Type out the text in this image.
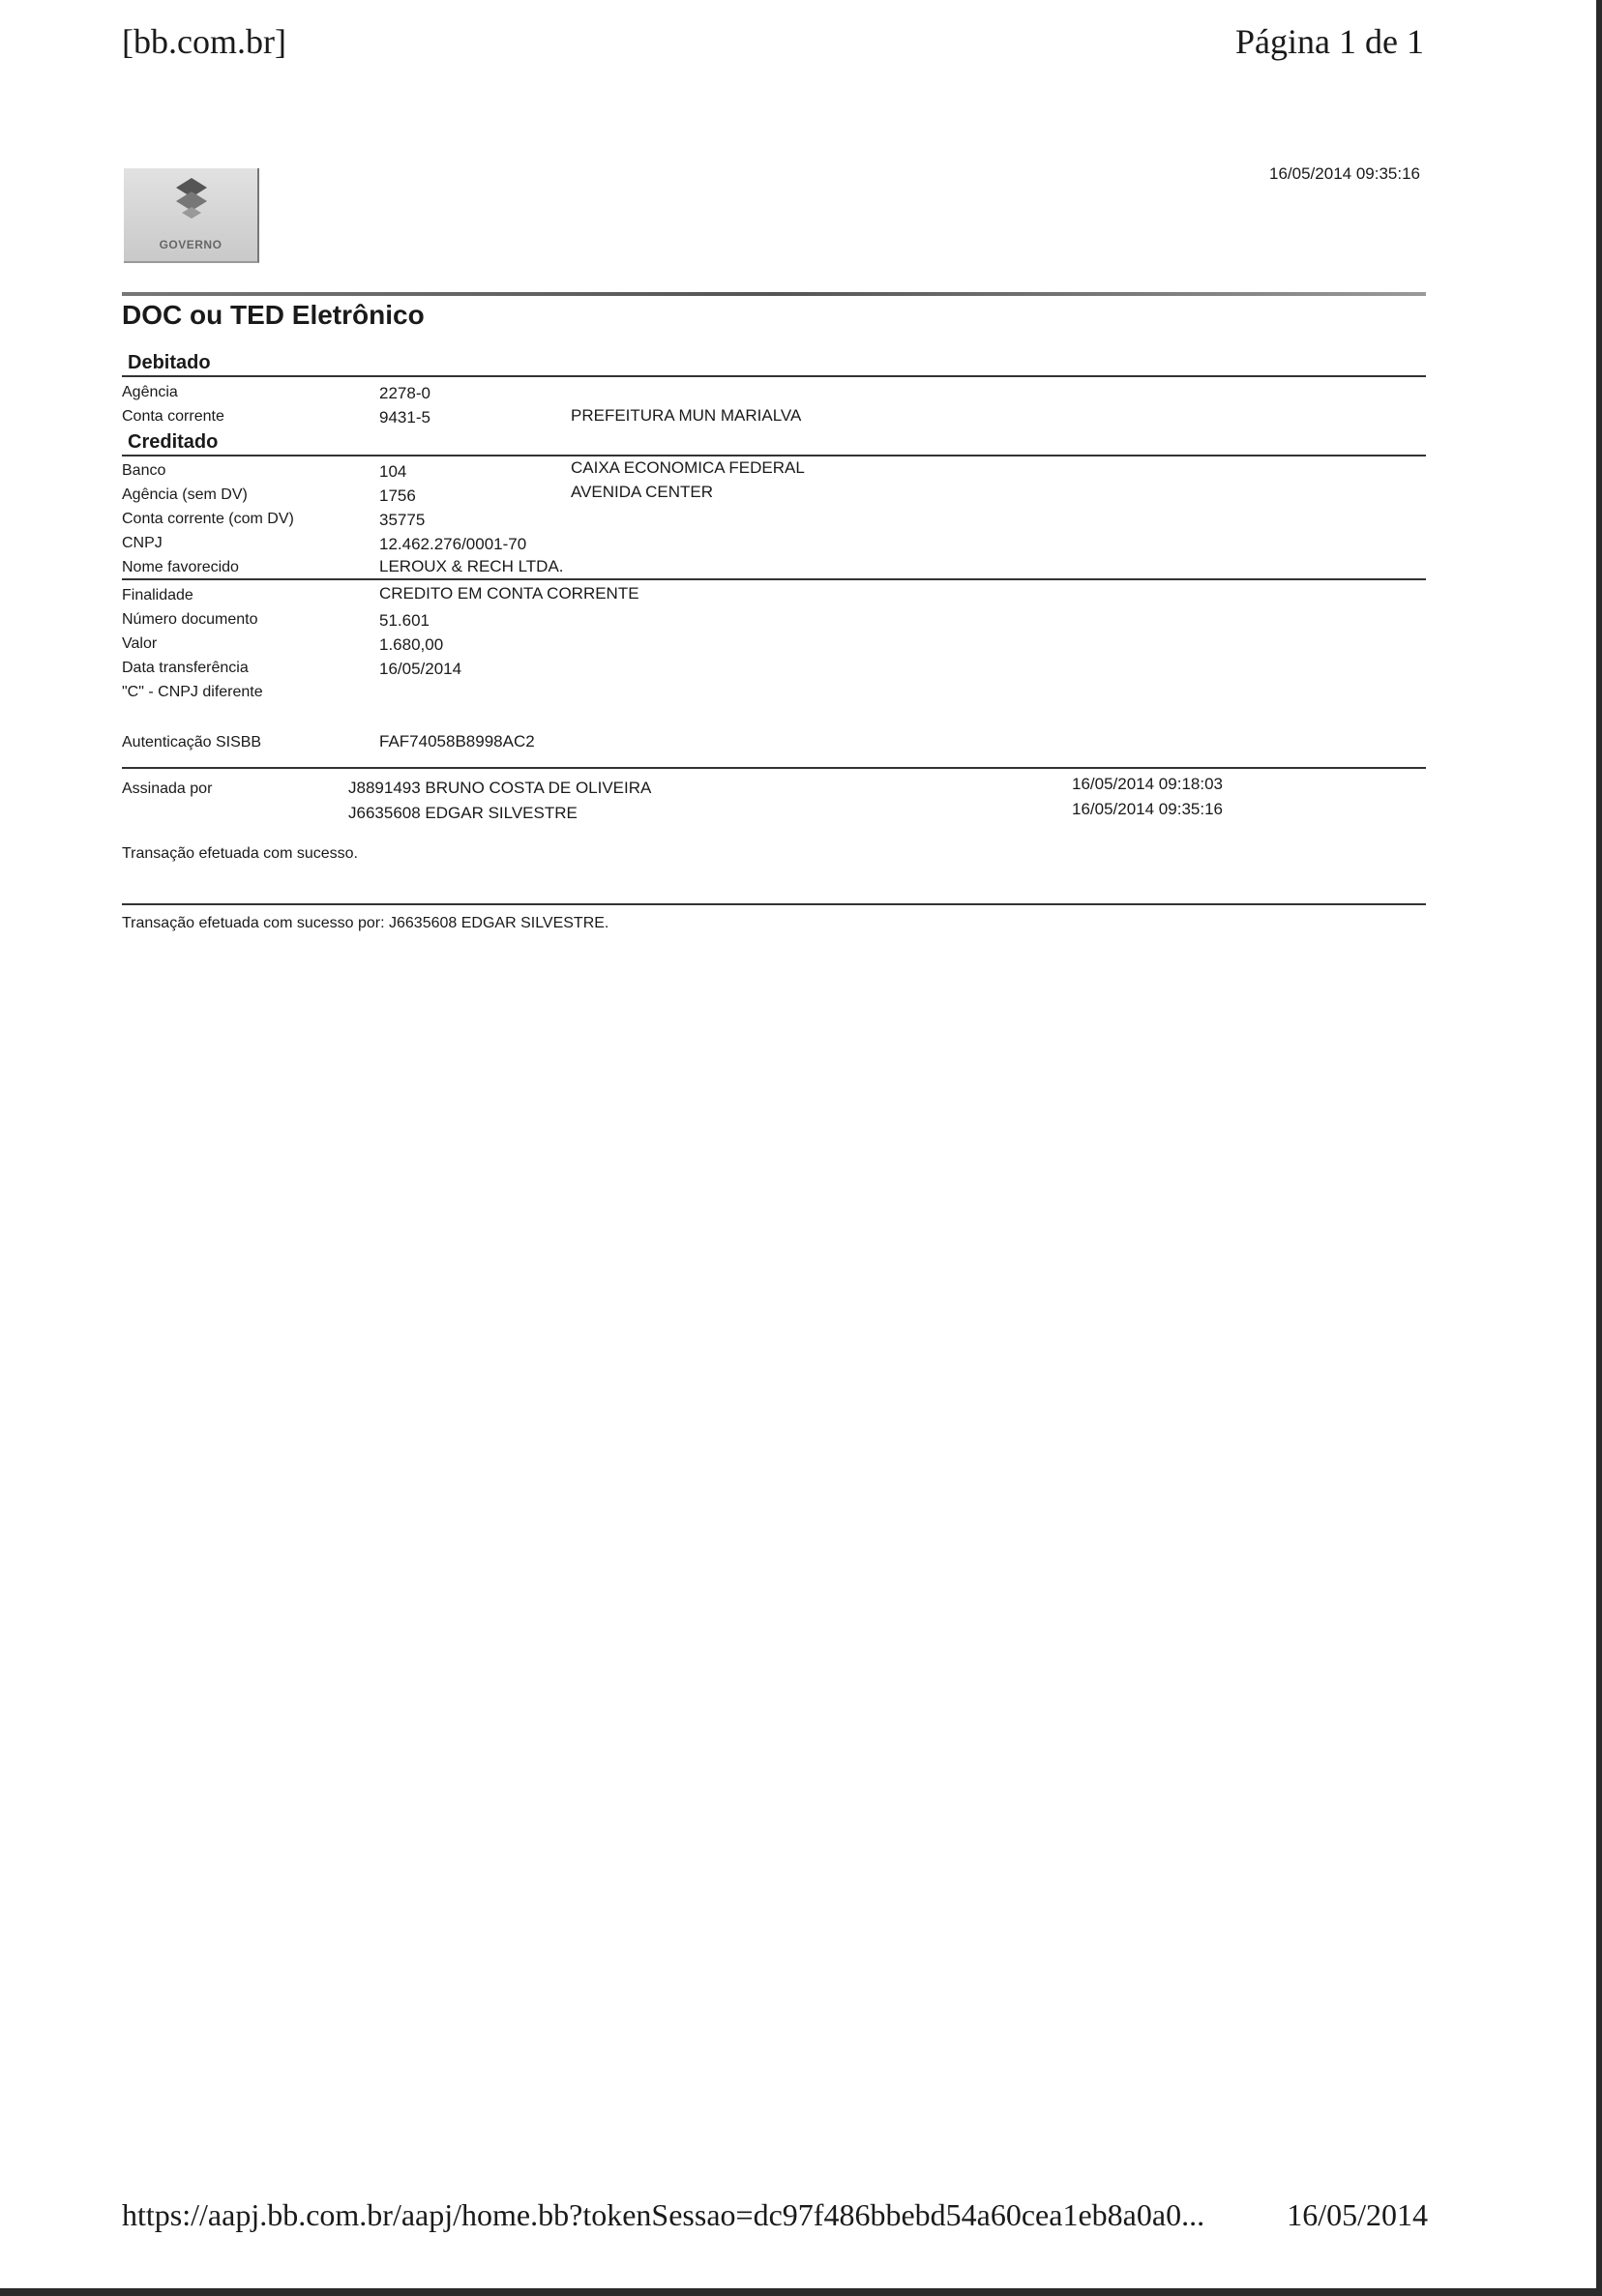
[bb.com.br]	Página 1 de 1
16/05/2014 09:35:16
GOVERNO
DOC ou TED Eletrônico
Debitado
Agência	2278-0
Conta corrente	9431-5	PREFEITURA MUN MARIALVA
Creditado
Banco	104	CAIXA ECONOMICA FEDERAL
Agência (sem DV)	1756	AVENIDA CENTER
Conta corrente (com DV)	35775
CNPJ	12.462.276/0001-70
Nome favorecido	LEROUX & RECH LTDA.
Finalidade	CREDITO EM CONTA CORRENTE
Número documento	51.601
Valor	1.680,00
Data transferência	16/05/2014
"C" - CNPJ diferente
Autenticação SISBB	FAF74058B8998AC2
Assinada por	J8891493 BRUNO COSTA DE OLIVEIRA	16/05/2014 09:18:03
J6635608 EDGAR SILVESTRE	16/05/2014 09:35:16
Transação efetuada com sucesso.
Transação efetuada com sucesso por: J6635608 EDGAR SILVESTRE.
https://aapj.bb.com.br/aapj/home.bb?tokenSessao=dc97f486bbebd54a60cea1eb8a0a0...	16/05/2014
